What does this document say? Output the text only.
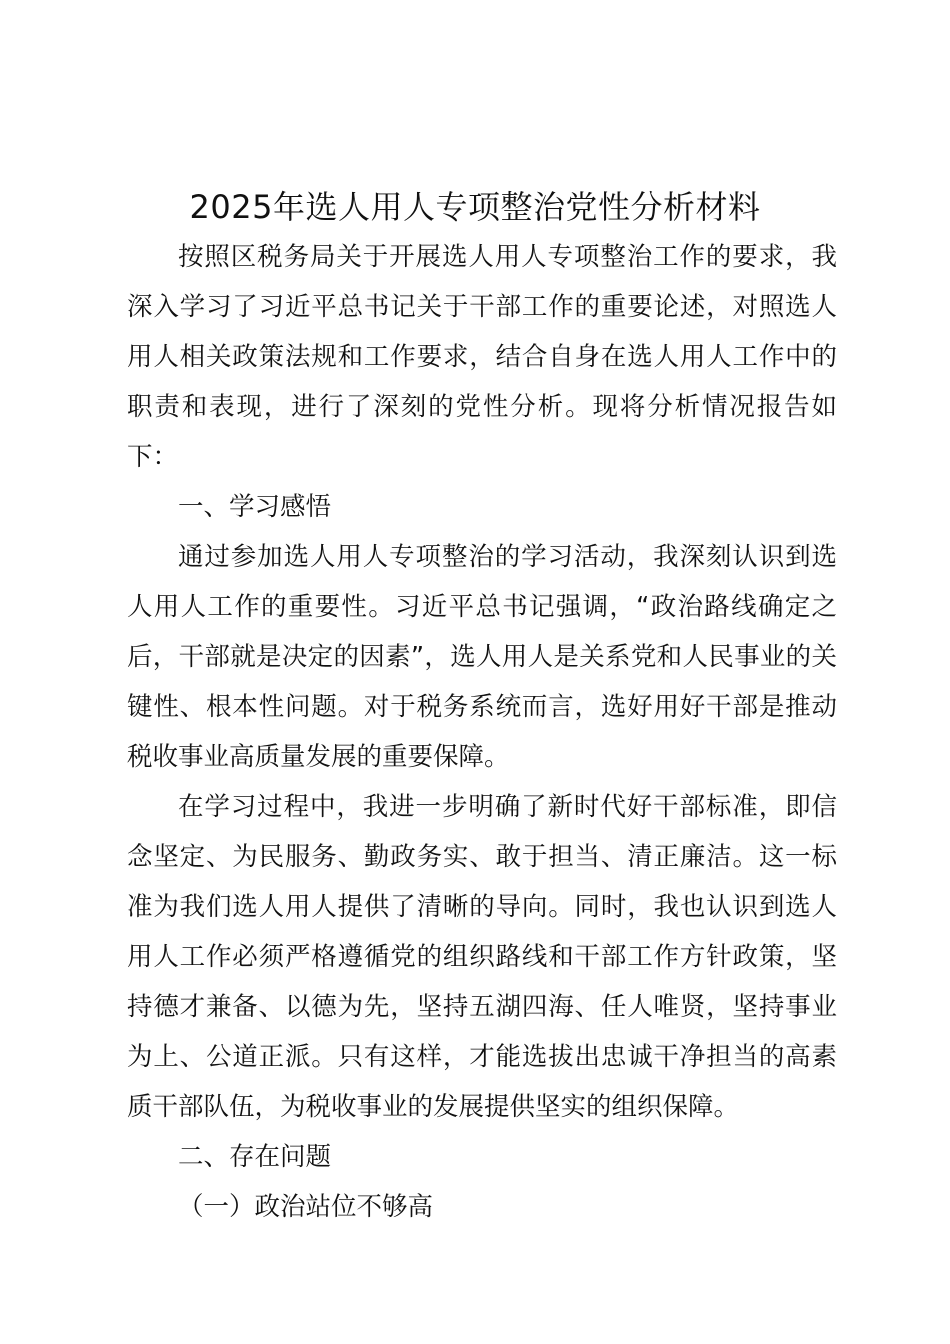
2025年选人用人专项整治党性分析材料

按照区税务局关于开展选人用人专项整治工作的要求，我深入学习了习近平总书记关于干部工作的重要论述，对照选人用人相关政策法规和工作要求，结合自身在选人用人工作中的职责和表现，进行了深刻的党性分析。现将分析情况报告如下：

一、学习感悟

通过参加选人用人专项整治的学习活动，我深刻认识到选人用人工作的重要性。习近平总书记强调，“政治路线确定之后，干部就是决定的因素”，选人用人是关系党和人民事业的关键性、根本性问题。对于税务系统而言，选好用好干部是推动税收事业高质量发展的重要保障。

在学习过程中，我进一步明确了新时代好干部标准，即信念坚定、为民服务、勤政务实、敢于担当、清正廉洁。这一标准为我们选人用人提供了清晰的导向。同时，我也认识到选人用人工作必须严格遵循党的组织路线和干部工作方针政策，坚持德才兼备、以德为先，坚持五湖四海、任人唯贤，坚持事业为上、公道正派。只有这样，才能选拔出忠诚干净担当的高素质干部队伍，为税收事业的发展提供坚实的组织保障。

二、存在问题

（一）政治站位不够高
